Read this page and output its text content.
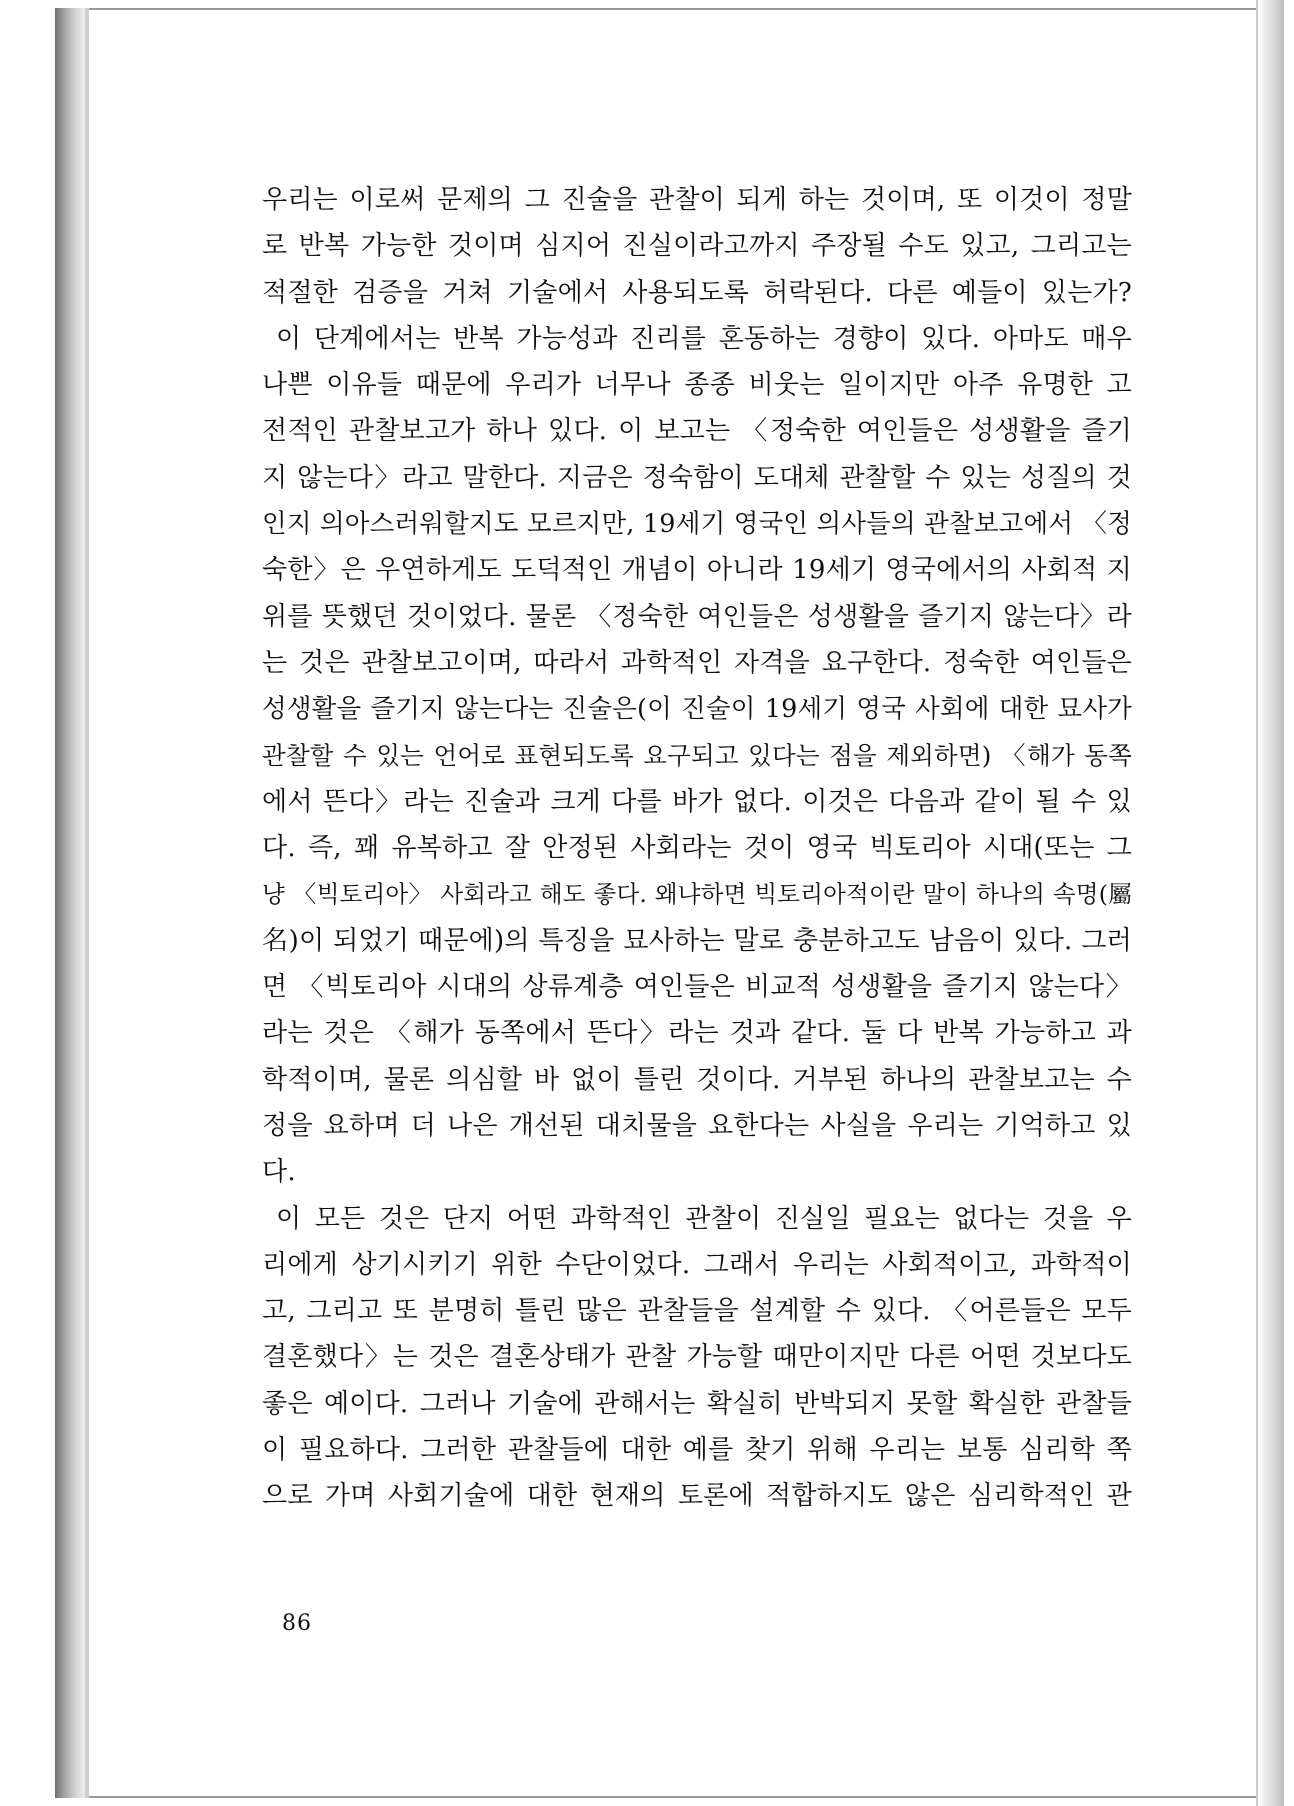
우리는 이로써 문제의 그 진술을 관찰이 되게 하는 것이며, 또 이것이 정말
로 반복 가능한 것이며 심지어 진실이라고까지 주장될 수도 있고, 그리고는
적절한 검증을 거쳐 기술에서 사용되도록 허락된다. 다른 예들이 있는가?
이 단계에서는 반복 가능성과 진리를 혼동하는 경향이 있다. 아마도 매우
나쁜 이유들 때문에 우리가 너무나 종종 비웃는 일이지만 아주 유명한 고
전적인 관찰보고가 하나 있다. 이 보고는 〈정숙한 여인들은 성생활을 즐기
지 않는다〉라고 말한다. 지금은 정숙함이 도대체 관찰할 수 있는 성질의 것
인지 의아스러워할지도 모르지만, 19세기 영국인 의사들의 관찰보고에서 〈정
숙한〉은 우연하게도 도덕적인 개념이 아니라 19세기 영국에서의 사회적 지
위를 뜻했던 것이었다. 물론 〈정숙한 여인들은 성생활을 즐기지 않는다〉라
는 것은 관찰보고이며, 따라서 과학적인 자격을 요구한다. 정숙한 여인들은
성생활을 즐기지 않는다는 진술은(이 진술이 19세기 영국 사회에 대한 묘사가
관찰할 수 있는 언어로 표현되도록 요구되고 있다는 점을 제외하면) 〈해가 동쪽
에서 뜬다〉라는 진술과 크게 다를 바가 없다. 이것은 다음과 같이 될 수 있
다. 즉, 꽤 유복하고 잘 안정된 사회라는 것이 영국 빅토리아 시대(또는 그
냥 〈빅토리아〉 사회라고 해도 좋다. 왜냐하면 빅토리아적이란 말이 하나의 속명(屬
名)이 되었기 때문에)의 특징을 묘사하는 말로 충분하고도 남음이 있다. 그러
면 〈빅토리아 시대의 상류계층 여인들은 비교적 성생활을 즐기지 않는다〉
라는 것은 〈해가 동쪽에서 뜬다〉라는 것과 같다. 둘 다 반복 가능하고 과
학적이며, 물론 의심할 바 없이 틀린 것이다. 거부된 하나의 관찰보고는 수
정을 요하며 더 나은 개선된 대치물을 요한다는 사실을 우리는 기억하고 있
다.
이 모든 것은 단지 어떤 과학적인 관찰이 진실일 필요는 없다는 것을 우
리에게 상기시키기 위한 수단이었다. 그래서 우리는 사회적이고, 과학적이
고, 그리고 또 분명히 틀린 많은 관찰들을 설계할 수 있다. 〈어른들은 모두
결혼했다〉는 것은 결혼상태가 관찰 가능할 때만이지만 다른 어떤 것보다도
좋은 예이다. 그러나 기술에 관해서는 확실히 반박되지 못할 확실한 관찰들
이 필요하다. 그러한 관찰들에 대한 예를 찾기 위해 우리는 보통 심리학 쪽
으로 가며 사회기술에 대한 현재의 토론에 적합하지도 않은 심리학적인 관
86
